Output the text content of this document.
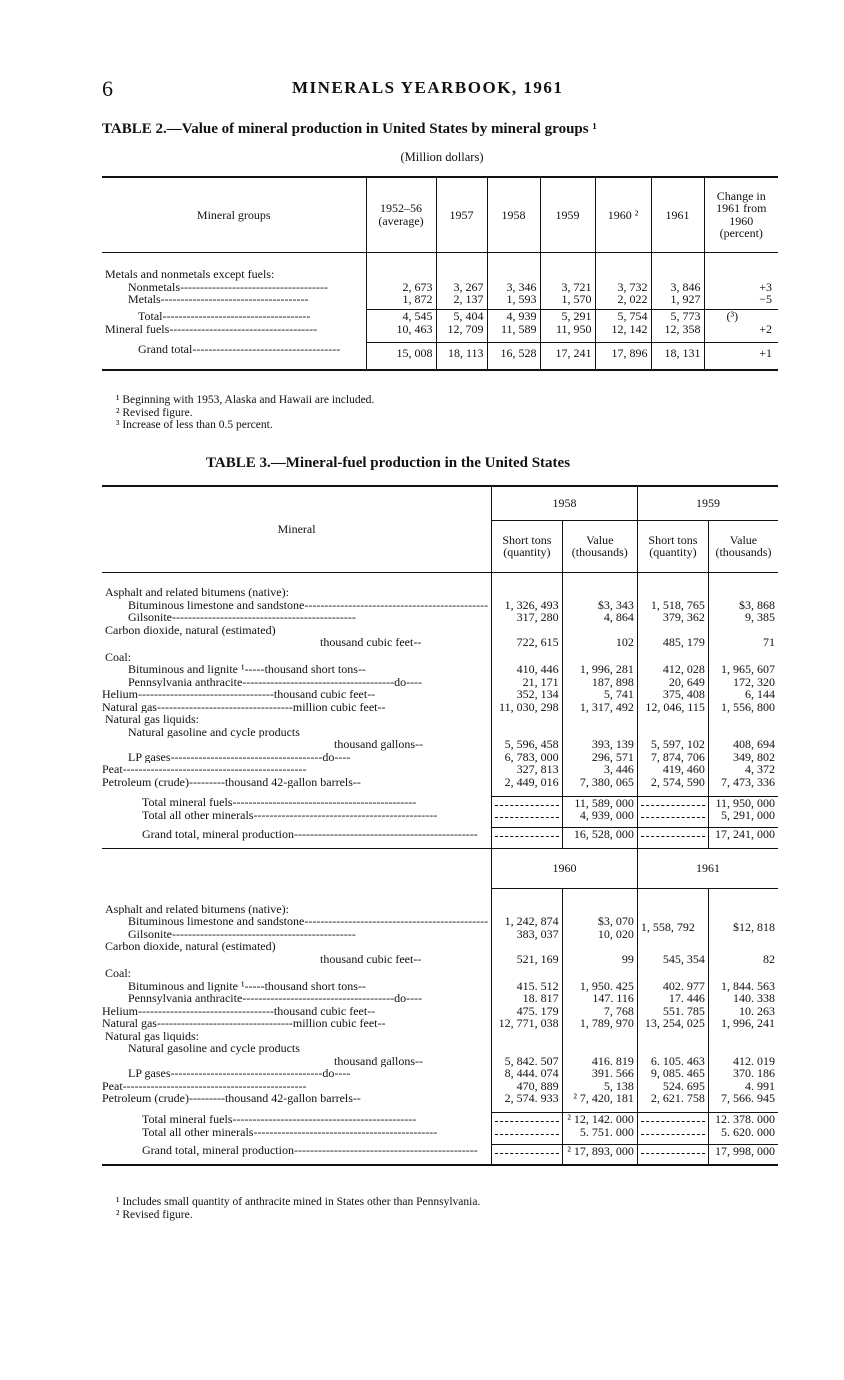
6	MINERALS YEARBOOK, 1961
TABLE 2.—Value of mineral production in United States by mineral groups ¹
(Million dollars)
Mineral groups	1952–56 (average)	1957	1958	1959	1960 ²	1961	Change in 1961 from 1960 (percent)

Metals and nonmetals except fuels:							
Nonmetals-------------------------------------	2, 673	3, 267	3, 346	3, 721	3, 732	3, 846	+3
Metals-------------------------------------	1, 872	2, 137	1, 593	1, 570	2, 022	1, 927	−5

Total-------------------------------------	4, 545	5, 404	4, 939	5, 291	5, 754	5, 773	(³)
Mineral fuels-------------------------------------	10, 463	12, 709	11, 589	11, 950	12, 142	12, 358	+2

Grand total-------------------------------------	15, 008	18, 113	16, 528	17, 241	17, 896	18, 131	+1
¹ Beginning with 1953, Alaska and Hawaii are included.
² Revised figure.
³ Increase of less than 0.5 percent.
TABLE 3.—Mineral-fuel production in the United States
Mineral	1958		1959	
	Short tons (quantity)	Value (thousands)	Short tons (quantity)	Value (thousands)

Asphalt and related bitumens (native):				
Bituminous limestone and sandstone----------------------------------------------	1, 326, 493	$3, 343	1, 518, 765	$3, 868
Gilsonite----------------------------------------------	317, 280	4, 864	379, 362	9, 385
Carbon dioxide, natural (estimated)				
thousand cubic feet--	722, 615	102	485, 179	71

Coal:				
Bituminous and lignite ¹-----thousand short tons--	410, 446	1, 996, 281	412, 028	1, 965, 607
Pennsylvania anthracite--------------------------------------do----	21, 171	187, 898	20, 649	172, 320
Helium----------------------------------thousand cubic feet--	352, 134	5, 741	375, 408	6, 144
Natural gas----------------------------------million cubic feet--	11, 030, 298	1, 317, 492	12, 046, 115	1, 556, 800
Natural gas liquids:				
Natural gasoline and cycle products				
thousand gallons--	5, 596, 458	393, 139	5, 597, 102	408, 694
LP gases--------------------------------------do----	6, 783, 000	296, 571	7, 874, 706	349, 802
Peat----------------------------------------------	327, 813	3, 446	419, 460	4, 372
Petroleum (crude)---------thousand 42-gallon barrels--	2, 449, 016	7, 380, 065	2, 574, 590	7, 473, 336

Total mineral fuels----------------------------------------------		11, 589, 000		11, 950, 000
Total all other minerals----------------------------------------------		4, 939, 000		5, 291, 000

Grand total, mineral production----------------------------------------------		16, 528, 000		17, 241, 000

	1960		1961	

Asphalt and related bitumens (native):				
Bituminous limestone and sandstone----------------------------------------------	1, 242, 874	$3, 070	1, 558, 792	$12, 818
Gilsonite----------------------------------------------	383, 037	10, 020		
Carbon dioxide, natural (estimated)				
thousand cubic feet--	521, 169	99	545, 354	82

Coal:				
Bituminous and lignite ¹-----thousand short tons--	415. 512	1, 950. 425	402. 977	1, 844. 563
Pennsylvania anthracite--------------------------------------do----	18. 817	147. 116	17. 446	140. 338
Helium----------------------------------thousand cubic feet--	475. 179	7, 768	551. 785	10. 263
Natural gas----------------------------------million cubic feet--	12, 771, 038	1, 789, 970	13, 254, 025	1, 996, 241
Natural gas liquids:				
Natural gasoline and cycle products				
thousand gallons--	5, 842. 507	416. 819	6. 105. 463	412. 019
LP gases--------------------------------------do----	8, 444. 074	391. 566	9, 085. 465	370. 186
Peat----------------------------------------------	470, 889	5, 138	524. 695	4. 991
Petroleum (crude)---------thousand 42-gallon barrels--	2, 574. 933	² 7, 420, 181	2, 621. 758	7, 566. 945

Total mineral fuels----------------------------------------------		² 12, 142. 000		12. 378. 000
Total all other minerals----------------------------------------------		5. 751. 000		5. 620. 000

Grand total, mineral production----------------------------------------------		² 17, 893, 000		17, 998, 000

¹ Includes small quantity of anthracite mined in States other than Pennsylvania.
² Revised figure.
